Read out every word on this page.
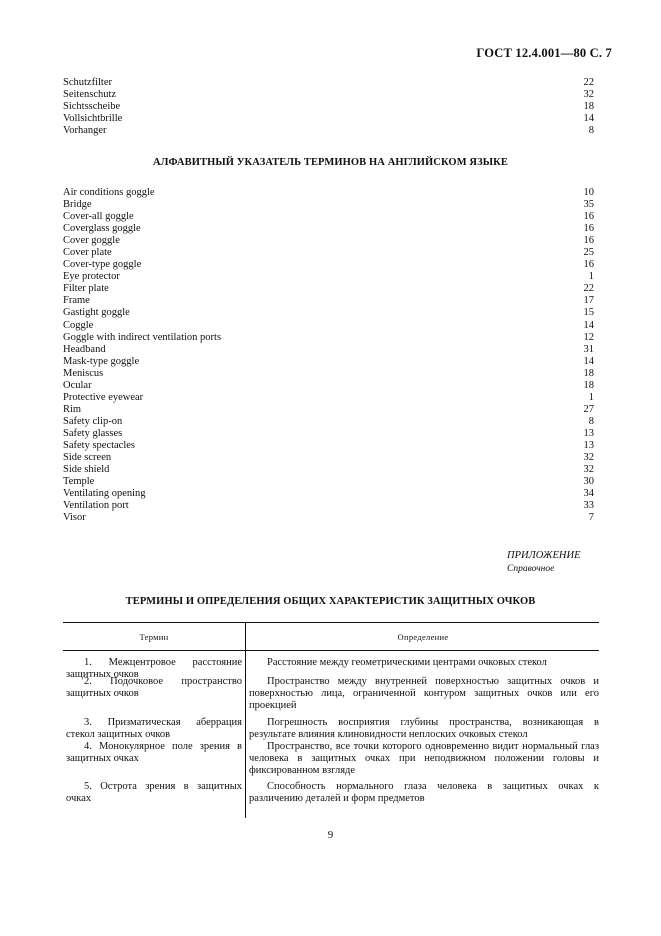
ГОСТ 12.4.001—80 С. 7
Schutzfilter	22
Seitenschutz	32
Sichtsscheibe	18
Vollsichtbrille	14
Vorhanger	8
АЛФАВИТНЫЙ УКАЗАТЕЛЬ ТЕРМИНОВ НА АНГЛИЙСКОМ ЯЗЫКЕ
Air conditions goggle	10
Bridge	35
Cover-all goggle	16
Coverglass goggle	16
Cover goggle	16
Cover plate	25
Cover-type goggle	16
Eye protector	1
Filter plate	22
Frame	17
Gastight goggle	15
Coggle	14
Goggle with indirect ventilation ports	12
Headband	31
Mask-type goggle	14
Meniscus	18
Ocular	18
Protective eyewear	1
Rim	27
Safety clip-on	8
Safety glasses	13
Safety spectacles	13
Side screen	32
Side shield	32
Temple	30
Ventilating opening	34
Ventilation port	33
Visor	7
ПРИЛОЖЕНИЕ
Справочное
ТЕРМИНЫ И ОПРЕДЕЛЕНИЯ ОБЩИХ ХАРАКТЕРИСТИК ЗАЩИТНЫХ ОЧКОВ
Термин	Определение
1. Межцентровое расстояние защитных очков
Расстояние между геометрическими центрами очковых стекол
2. Подочковое пространство защитных очков
Пространство между внутренней поверхностью защитных очков и поверхностью лица, ограниченной контуром защитных очков или его проекцией
3. Призматическая аберрация стекол защитных очков
Погрешность восприятия глубины пространства, возникающая в результате влияния клиновидности неплоских очковых стекол
4. Монокулярное поле зрения в защитных очках
Пространство, все точки которого одновременно видит нормальный глаз человека в защитных очках при неподвижном положении головы и фиксированном взгляде
5. Острота зрения в защитных очках
Способность нормального глаза человека в защитных очках к различению деталей и форм предметов
9
